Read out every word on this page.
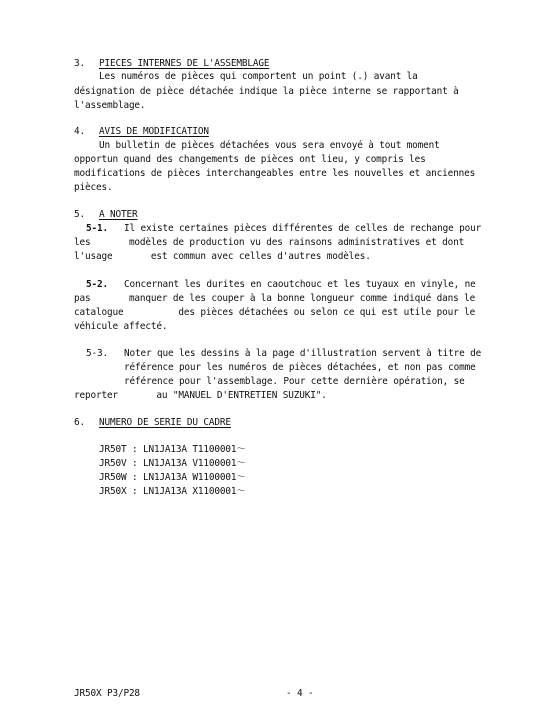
3. PIECES INTERNES DE L'ASSEMBLAGE
Les numéros de pièces qui comportent un point (.) avant la
désignation de pièce détachée indique la pièce interne se rapportant à
l'assemblage.
4. AVIS DE MODIFICATION
Un bulletin de pièces détachées vous sera envoyé à tout moment
opportun quand des changements de pièces ont lieu, y compris les
modifications de pièces interchangeables entre les nouvelles et anciennes
pièces.
5. A NOTER
5-1. Il existe certaines pièces différentes de celles de rechange pour
les       modèles de production vu des rainsons administratives et dont
l'usage       est commun avec celles d'autres modèles.
5-2. Concernant les durites en caoutchouc et les tuyaux en vinyle, ne
pas       manquer de les couper à la bonne longueur comme indiqué dans le
catalogue          des pièces détachées ou selon ce qui est utile pour le
véhicule affecté.
5-3. Noter que les dessins à la page d'illustration servent à titre de
référence pour les numéros de pièces détachées, et non pas comme
référence pour l'assemblage. Pour cette dernière opération, se
reporter       au "MANUEL D'ENTRETIEN SUZUKI".
6. NUMERO DE SERIE DU CADRE
JR50T : LN1JA13A T1100001～
JR50V : LN1JA13A V1100001～
JR50W : LN1JA13A W1100001～
JR50X : LN1JA13A X1100001～
JR50X P3/P28	- 4 -
